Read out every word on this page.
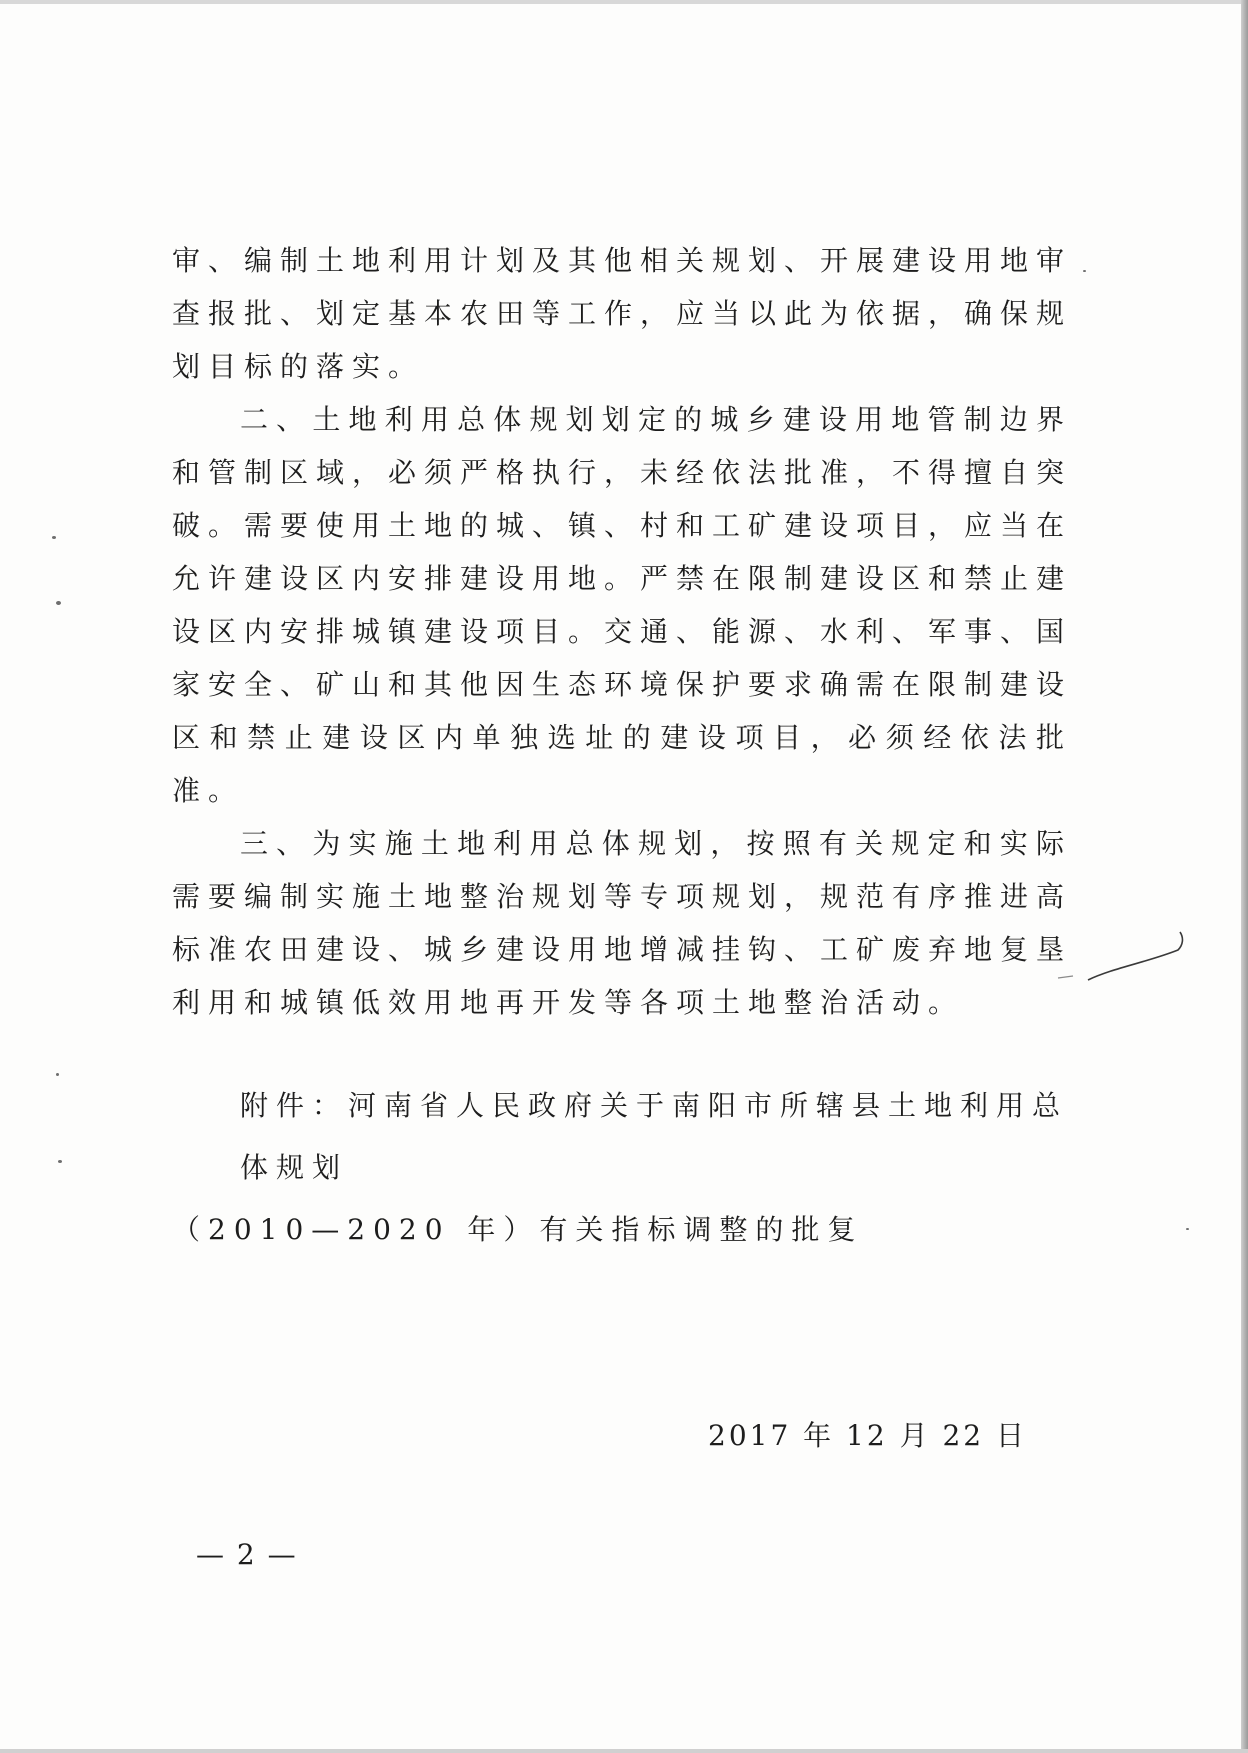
审、编制土地利用计划及其他相关规划、开展建设用地审查报批、划定基本农田等工作，应当以此为依据，确保规划目标的落实。

二、土地利用总体规划划定的城乡建设用地管制边界和管制区域，必须严格执行，未经依法批准，不得擅自突破。需要使用土地的城、镇、村和工矿建设项目，应当在允许建设区内安排建设用地。严禁在限制建设区和禁止建设区内安排城镇建设项目。交通、能源、水利、军事、国家安全、矿山和其他因生态环境保护要求确需在限制建设区和禁止建设区内单独选址的建设项目，必须经依法批准。

三、为实施土地利用总体规划，按照有关规定和实际需要编制实施土地整治规划等专项规划，规范有序推进高标准农田建设、城乡建设用地增减挂钩、工矿废弃地复垦利用和城镇低效用地再开发等各项土地整治活动。

附件：河南省人民政府关于南阳市所辖县土地利用总体规划
（2010—2020 年）有关指标调整的批复
2017 年 12 月 22 日
— 2 —
